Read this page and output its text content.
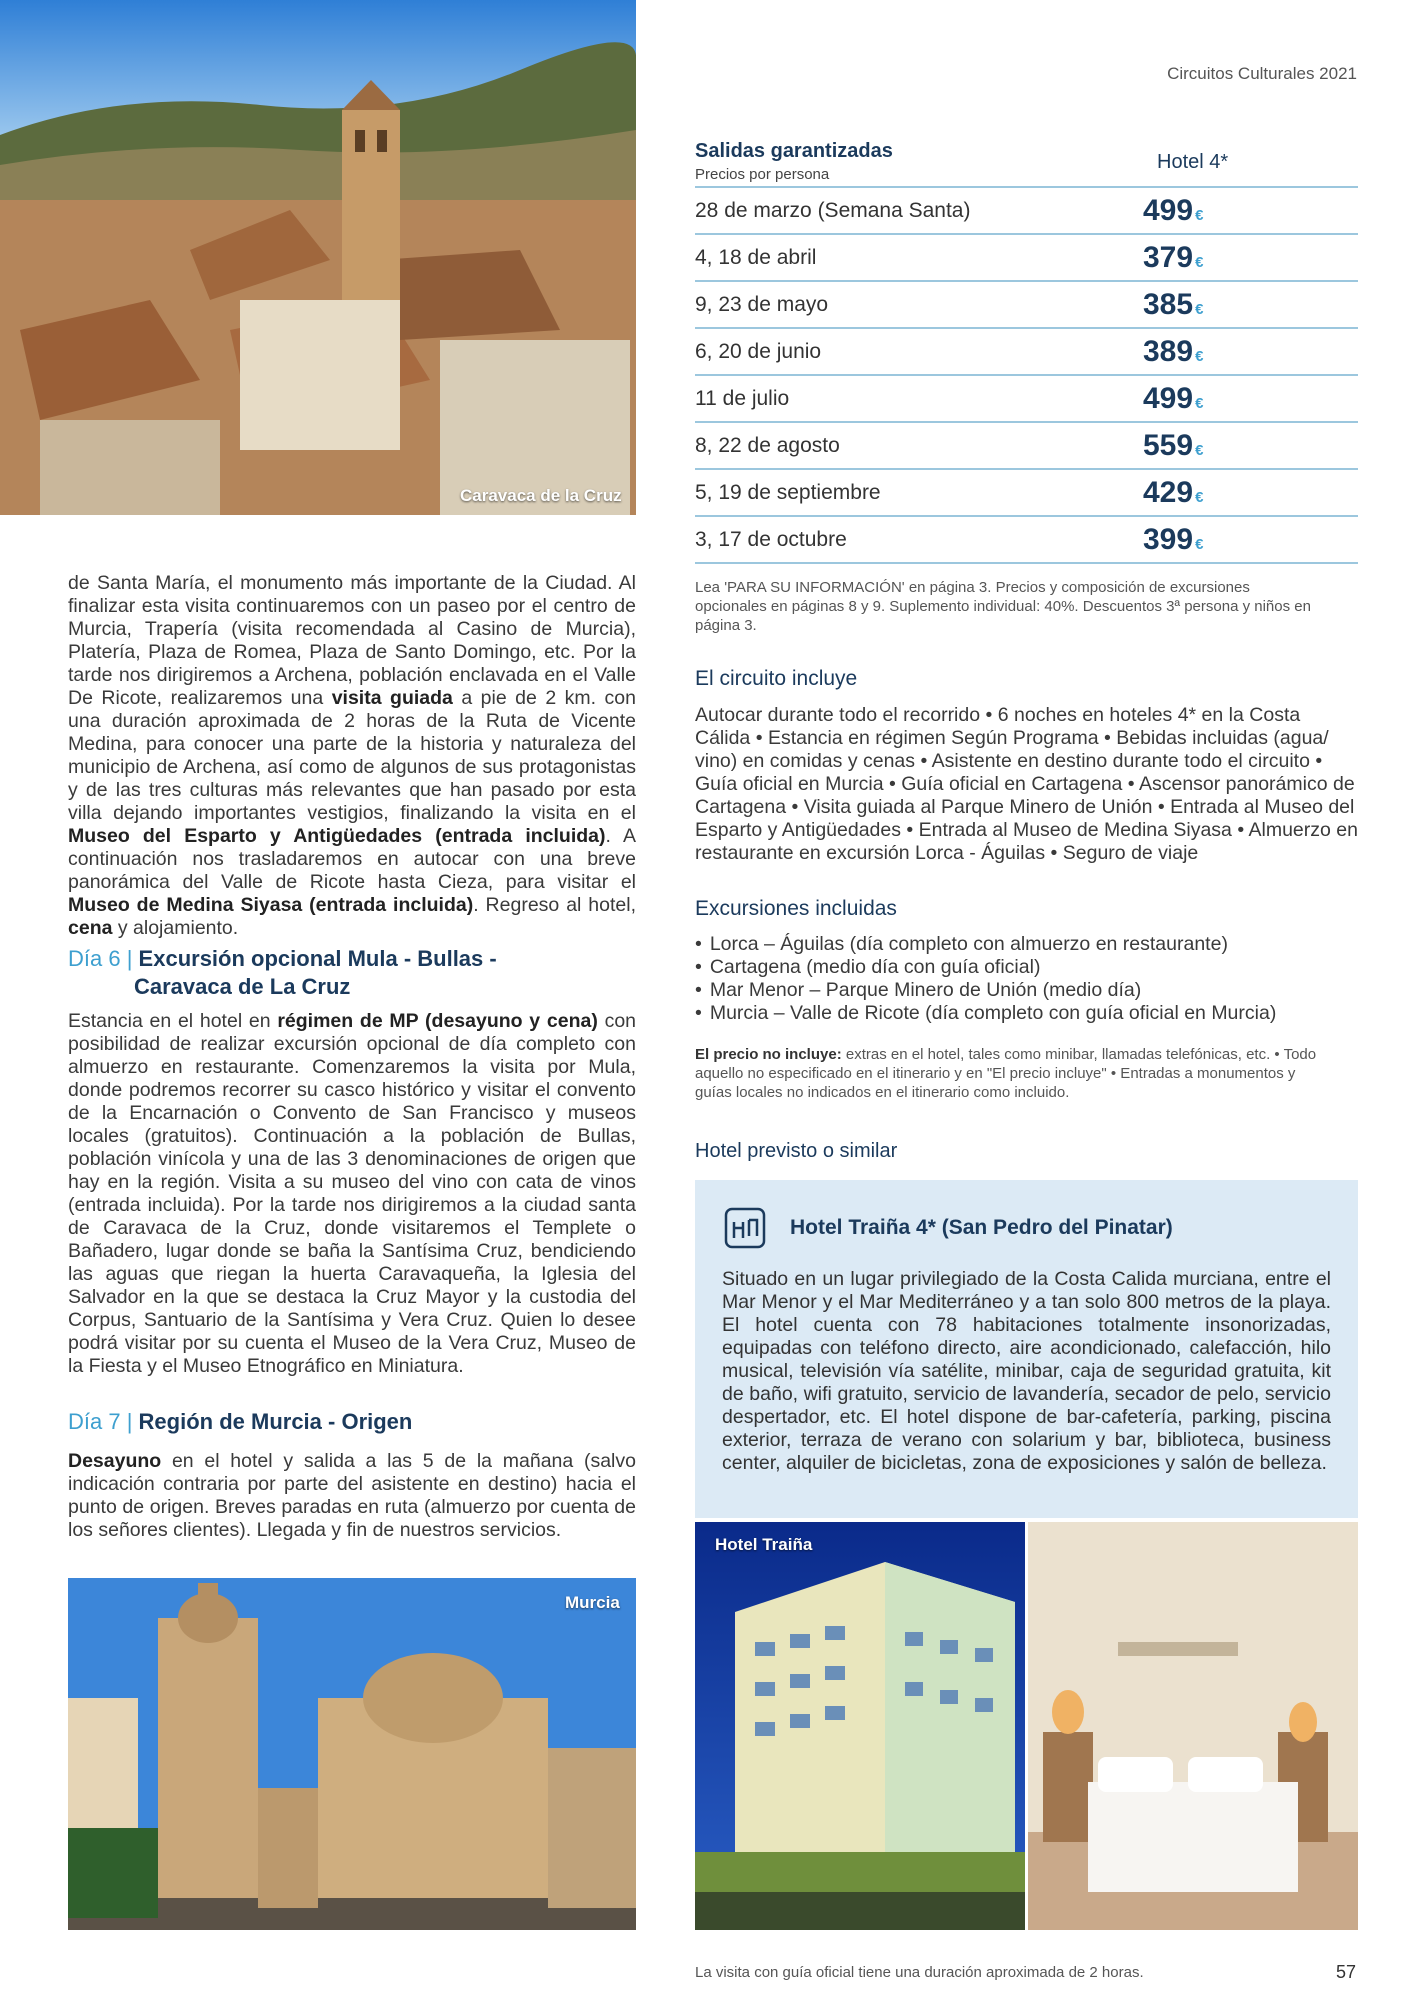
Circuitos Culturales 2021
Caravaca de la Cruz
de Santa María, el monumento más importante de la Ciudad. Al finalizar esta visita continuaremos con un paseo por el centro de Murcia, Trapería (visita recomendada al Casino de Murcia), Platería, Plaza de Romea, Plaza de Santo Domingo, etc. Por la tarde nos dirigiremos a Archena, población enclavada en el Valle De Ricote, realizaremos una visita guiada a pie de 2 km. con una duración aproximada de 2 horas de la Ruta de Vicente Medina, para conocer una parte de la historia y naturaleza del municipio de Archena, así como de algunos de sus protagonistas y de las tres culturas más relevantes que han pasado por esta villa dejando importantes vestigios, finalizando la visita en el Museo del Esparto y Antigüedades (entrada incluida). A continuación nos trasladaremos en autocar con una breve panorámica del Valle de Ricote hasta Cieza, para visitar el Museo de Medina Siyasa (entrada incluida). Regreso al hotel, cena y alojamiento.
Día 6 | Excursión opcional Mula - Bullas -
Caravaca de La Cruz
Estancia en el hotel en régimen de MP (desayuno y cena) con posibilidad de realizar excursión opcional de día completo con almuerzo en restaurante. Comenzaremos la visita por Mula, donde podremos recorrer su casco histórico y visitar el convento de la Encarnación o Convento de San Francisco y museos locales (gratuitos). Continuación a la población de Bullas, población vinícola y una de las 3 denominaciones de origen que hay en la región. Visita a su museo del vino con cata de vinos (entrada incluida). Por la tarde nos dirigiremos a la ciudad santa de Caravaca de la Cruz, donde visitaremos el Templete o Bañadero, lugar donde se baña la Santísima Cruz, bendiciendo las aguas que riegan la huerta Caravaqueña, la Iglesia del Salvador en la que se destaca la Cruz Mayor y la custodia del Corpus, Santuario de la Santísima y Vera Cruz. Quien lo desee podrá visitar por su cuenta el Museo de la Vera Cruz, Museo de la Fiesta y el Museo Etnográfico en Miniatura.
Día 7 | Región de Murcia - Origen
Desayuno en el hotel y salida a las 5 de la mañana (salvo indicación contraria por parte del asistente en destino) hacia el punto de origen. Breves paradas en ruta (almuerzo por cuenta de los señores clientes). Llegada y fin de nuestros servicios.
Murcia
Salidas garantizadas
Precios por persona
Hotel 4*
28 de marzo (Semana Santa)	499 €
4, 18 de abril	379 €
9, 23 de mayo	385 €
6, 20 de junio	389 €
11 de julio	499 €
8, 22 de agosto	559 €
5, 19 de septiembre	429 €
3, 17 de octubre	399 €
Lea 'PARA SU INFORMACIÓN' en página 3. Precios y composición de excursiones opcionales en páginas 8 y 9. Suplemento individual: 40%. Descuentos 3ª persona y niños en página 3.
El circuito incluye
Autocar durante todo el recorrido • 6 noches en hoteles 4* en la Costa Cálida • Estancia en régimen Según Programa • Bebidas incluidas (agua/ vino) en comidas y cenas • Asistente en destino durante todo el circuito • Guía oficial en Murcia • Guía oficial en Cartagena • Ascensor panorámico de Cartagena • Visita guiada al Parque Minero de Unión • Entrada al Museo del Esparto y Antigüedades • Entrada al Museo de Medina Siyasa • Almuerzo en restaurante en excursión Lorca - Águilas • Seguro de viaje
Excursiones incluidas
• Lorca – Águilas (día completo con almuerzo en restaurante)
• Cartagena (medio día con guía oficial)
• Mar Menor – Parque Minero de Unión (medio día)
• Murcia – Valle de Ricote (día completo con guía oficial en Murcia)
El precio no incluye: extras en el hotel, tales como minibar, llamadas telefónicas, etc. • Todo aquello no especificado en el itinerario y en "El precio incluye" • Entradas a monumentos y guías locales no indicados en el itinerario como incluido.
Hotel previsto o similar
Hotel Traiña 4* (San Pedro del Pinatar)
Situado en un lugar privilegiado de la Costa Calida murciana, entre el Mar Menor y el Mar Mediterráneo y a tan solo 800 metros de la playa. El hotel cuenta con 78 habitaciones totalmente insonorizadas, equipadas con teléfono directo, aire acondicionado, calefacción, hilo musical, televisión vía satélite, minibar, caja de seguridad gratuita, kit de baño, wifi gratuito, servicio de lavandería, secador de pelo, servicio despertador, etc. El hotel dispone de bar-cafetería, parking, piscina exterior, terraza de verano con solarium y bar, biblioteca, business center, alquiler de bicicletas, zona de exposiciones y salón de belleza.
Hotel Traiña
La visita con guía oficial tiene una duración aproximada de 2 horas.	57
